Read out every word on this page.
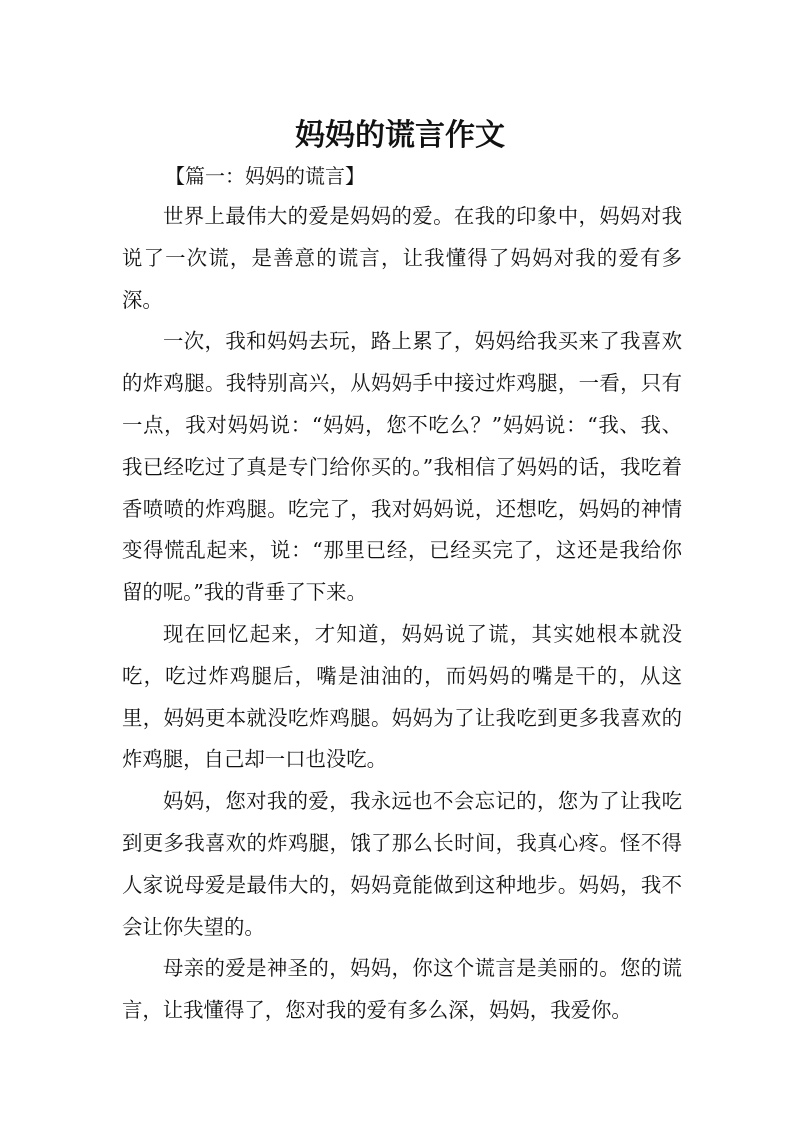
妈妈的谎言作文

【篇一：妈妈的谎言】

世界上最伟大的爱是妈妈的爱。在我的印象中，妈妈对我说了一次谎，是善意的谎言，让我懂得了妈妈对我的爱有多深。

一次，我和妈妈去玩，路上累了，妈妈给我买来了我喜欢的炸鸡腿。我特别高兴，从妈妈手中接过炸鸡腿，一看，只有一点，我对妈妈说：“妈妈，您不吃么？”妈妈说：“我、我、我已经吃过了真是专门给你买的。”我相信了妈妈的话，我吃着香喷喷的炸鸡腿。吃完了，我对妈妈说，还想吃，妈妈的神情变得慌乱起来，说：“那里已经，已经买完了，这还是我给你留的呢。”我的背垂了下来。

现在回忆起来，才知道，妈妈说了谎，其实她根本就没吃，吃过炸鸡腿后，嘴是油油的，而妈妈的嘴是干的，从这里，妈妈更本就没吃炸鸡腿。妈妈为了让我吃到更多我喜欢的炸鸡腿，自己却一口也没吃。

妈妈，您对我的爱，我永远也不会忘记的，您为了让我吃到更多我喜欢的炸鸡腿，饿了那么长时间，我真心疼。怪不得人家说母爱是最伟大的，妈妈竟能做到这种地步。妈妈，我不会让你失望的。

母亲的爱是神圣的，妈妈，你这个谎言是美丽的。您的谎言，让我懂得了，您对我的爱有多么深，妈妈，我爱你。
